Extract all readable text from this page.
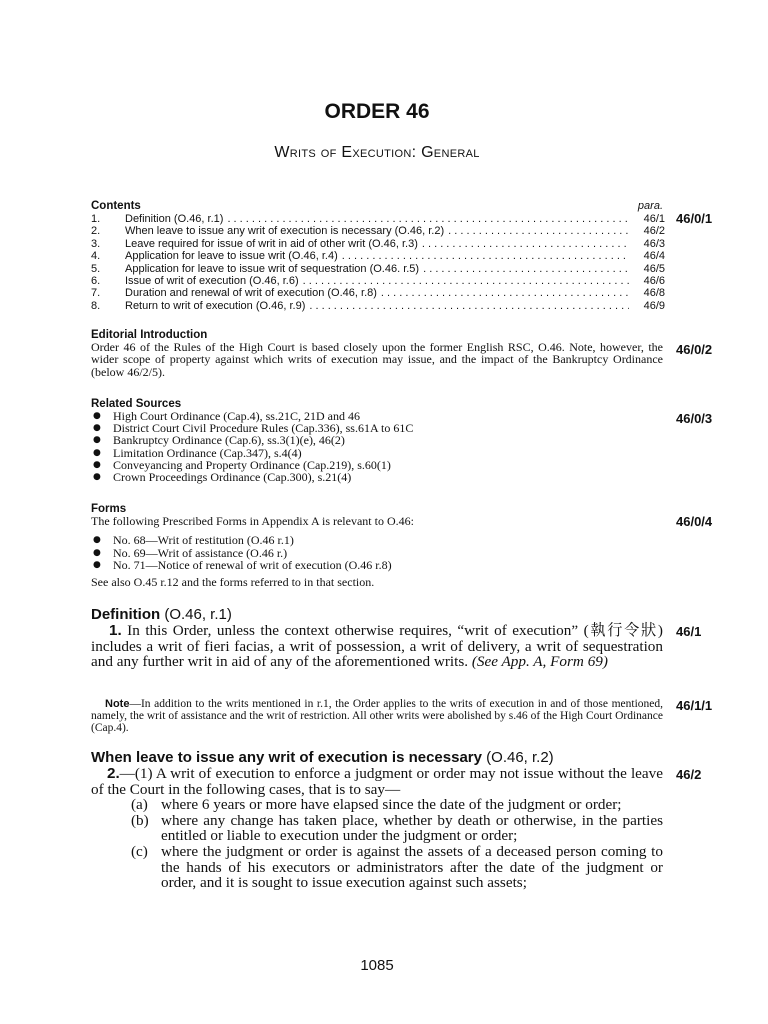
ORDER 46
Writs of Execution: General
Contents	para.
1.	Definition (O.46, r.1) . . .	46/1
2.	When leave to issue any writ of execution is necessary (O.46, r.2) . . .	46/2
3.	Leave required for issue of writ in aid of other writ (O.46, r.3) . . .	46/3
4.	Application for leave to issue writ (O.46, r.4) . . .	46/4
5.	Application for leave to issue writ of sequestration (O.46. r.5) . . .	46/5
6.	Issue of writ of execution (O.46, r.6) . . .	46/6
7.	Duration and renewal of writ of execution (O.46, r.8) . . .	46/8
8.	Return to writ of execution (O.46, r.9) . . .	46/9
46/0/1
Editorial Introduction
Order 46 of the Rules of the High Court is based closely upon the former English RSC, O.46. Note, however, the wider scope of property against which writs of execution may issue, and the impact of the Bankruptcy Ordinance (below 46/2/5).
46/0/2
Related Sources
● High Court Ordinance (Cap.4), ss.21C, 21D and 46
● District Court Civil Procedure Rules (Cap.336), ss.61A to 61C
● Bankruptcy Ordinance (Cap.6), ss.3(1)(e), 46(2)
● Limitation Ordinance (Cap.347), s.4(4)
● Conveyancing and Property Ordinance (Cap.219), s.60(1)
● Crown Proceedings Ordinance (Cap.300), s.21(4)
46/0/3
Forms
The following Prescribed Forms in Appendix A is relevant to O.46:
● No. 68—Writ of restitution (O.46 r.1)
● No. 69—Writ of assistance (O.46 r.)
● No. 71—Notice of renewal of writ of execution (O.46 r.8)
See also O.45 r.12 and the forms referred to in that section.
46/0/4
Definition (O.46, r.1)
1. In this Order, unless the context otherwise requires, “writ of execution” (執行令狀) includes a writ of fieri facias, a writ of possession, a writ of delivery, a writ of sequestration and any further writ in aid of any of the aforementioned writs. (See App. A, Form 69)
46/1
Note—In addition to the writs mentioned in r.1, the Order applies to the writs of execution in and of those mentioned, namely, the writ of assistance and the writ of restriction. All other writs were abolished by s.46 of the High Court Ordinance (Cap.4).
46/1/1
When leave to issue any writ of execution is necessary (O.46, r.2)
2.—(1) A writ of execution to enforce a judgment or order may not issue without the leave of the Court in the following cases, that is to say—
(a) where 6 years or more have elapsed since the date of the judgment or order;
(b) where any change has taken place, whether by death or otherwise, in the parties entitled or liable to execution under the judgment or order;
(c) where the judgment or order is against the assets of a deceased person coming to the hands of his executors or administrators after the date of the judgment or order, and it is sought to issue execution against such assets;
46/2
1085
